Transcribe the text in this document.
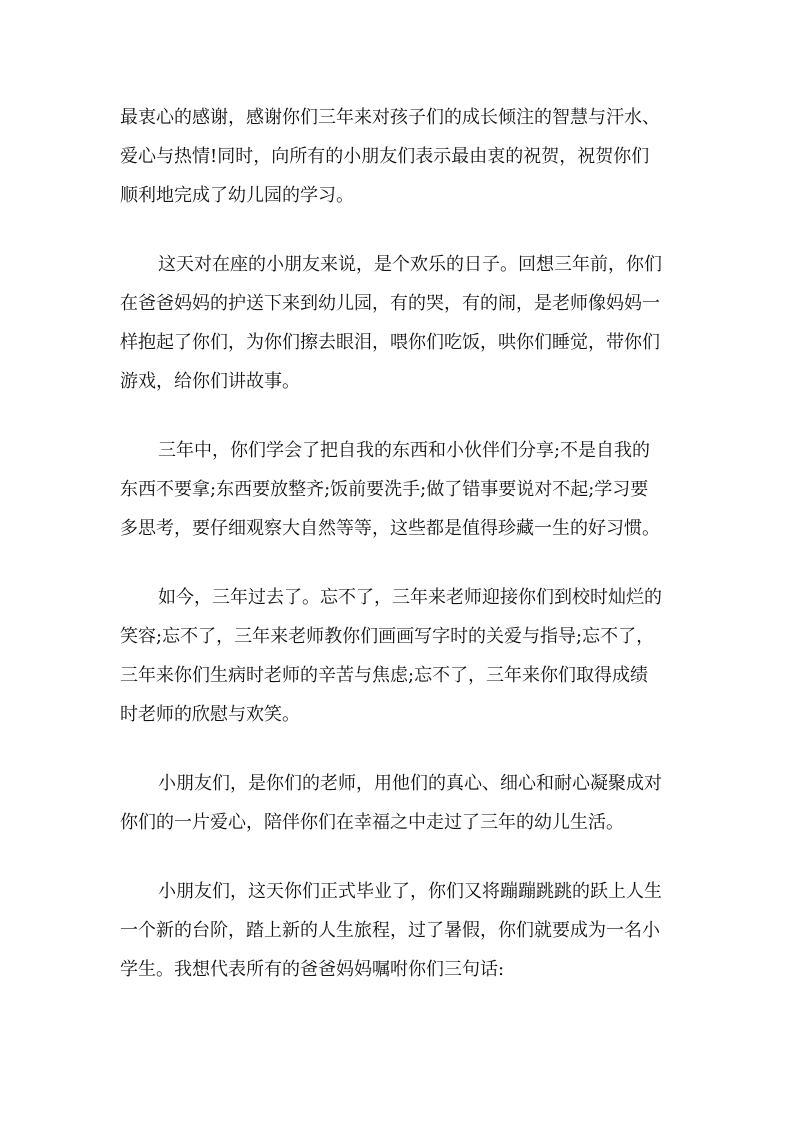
最衷心的感谢，感谢你们三年来对孩子们的成长倾注的智慧与汗水、
爱心与热情!同时，向所有的小朋友们表示最由衷的祝贺，祝贺你们
顺利地完成了幼儿园的学习。

这天对在座的小朋友来说，是个欢乐的日子。回想三年前，你们
在爸爸妈妈的护送下来到幼儿园，有的哭，有的闹，是老师像妈妈一
样抱起了你们，为你们擦去眼泪，喂你们吃饭，哄你们睡觉，带你们
游戏，给你们讲故事。

三年中，你们学会了把自我的东西和小伙伴们分享;不是自我的
东西不要拿;东西要放整齐;饭前要洗手;做了错事要说对不起;学习要
多思考，要仔细观察大自然等等，这些都是值得珍藏一生的好习惯。

如今，三年过去了。忘不了，三年来老师迎接你们到校时灿烂的
笑容;忘不了，三年来老师教你们画画写字时的关爱与指导;忘不了，
三年来你们生病时老师的辛苦与焦虑;忘不了，三年来你们取得成绩
时老师的欣慰与欢笑。

小朋友们，是你们的老师，用他们的真心、细心和耐心凝聚成对
你们的一片爱心，陪伴你们在幸福之中走过了三年的幼儿生活。

小朋友们，这天你们正式毕业了，你们又将蹦蹦跳跳的跃上人生
一个新的台阶，踏上新的人生旅程，过了暑假，你们就要成为一名小
学生。我想代表所有的爸爸妈妈嘱咐你们三句话:
